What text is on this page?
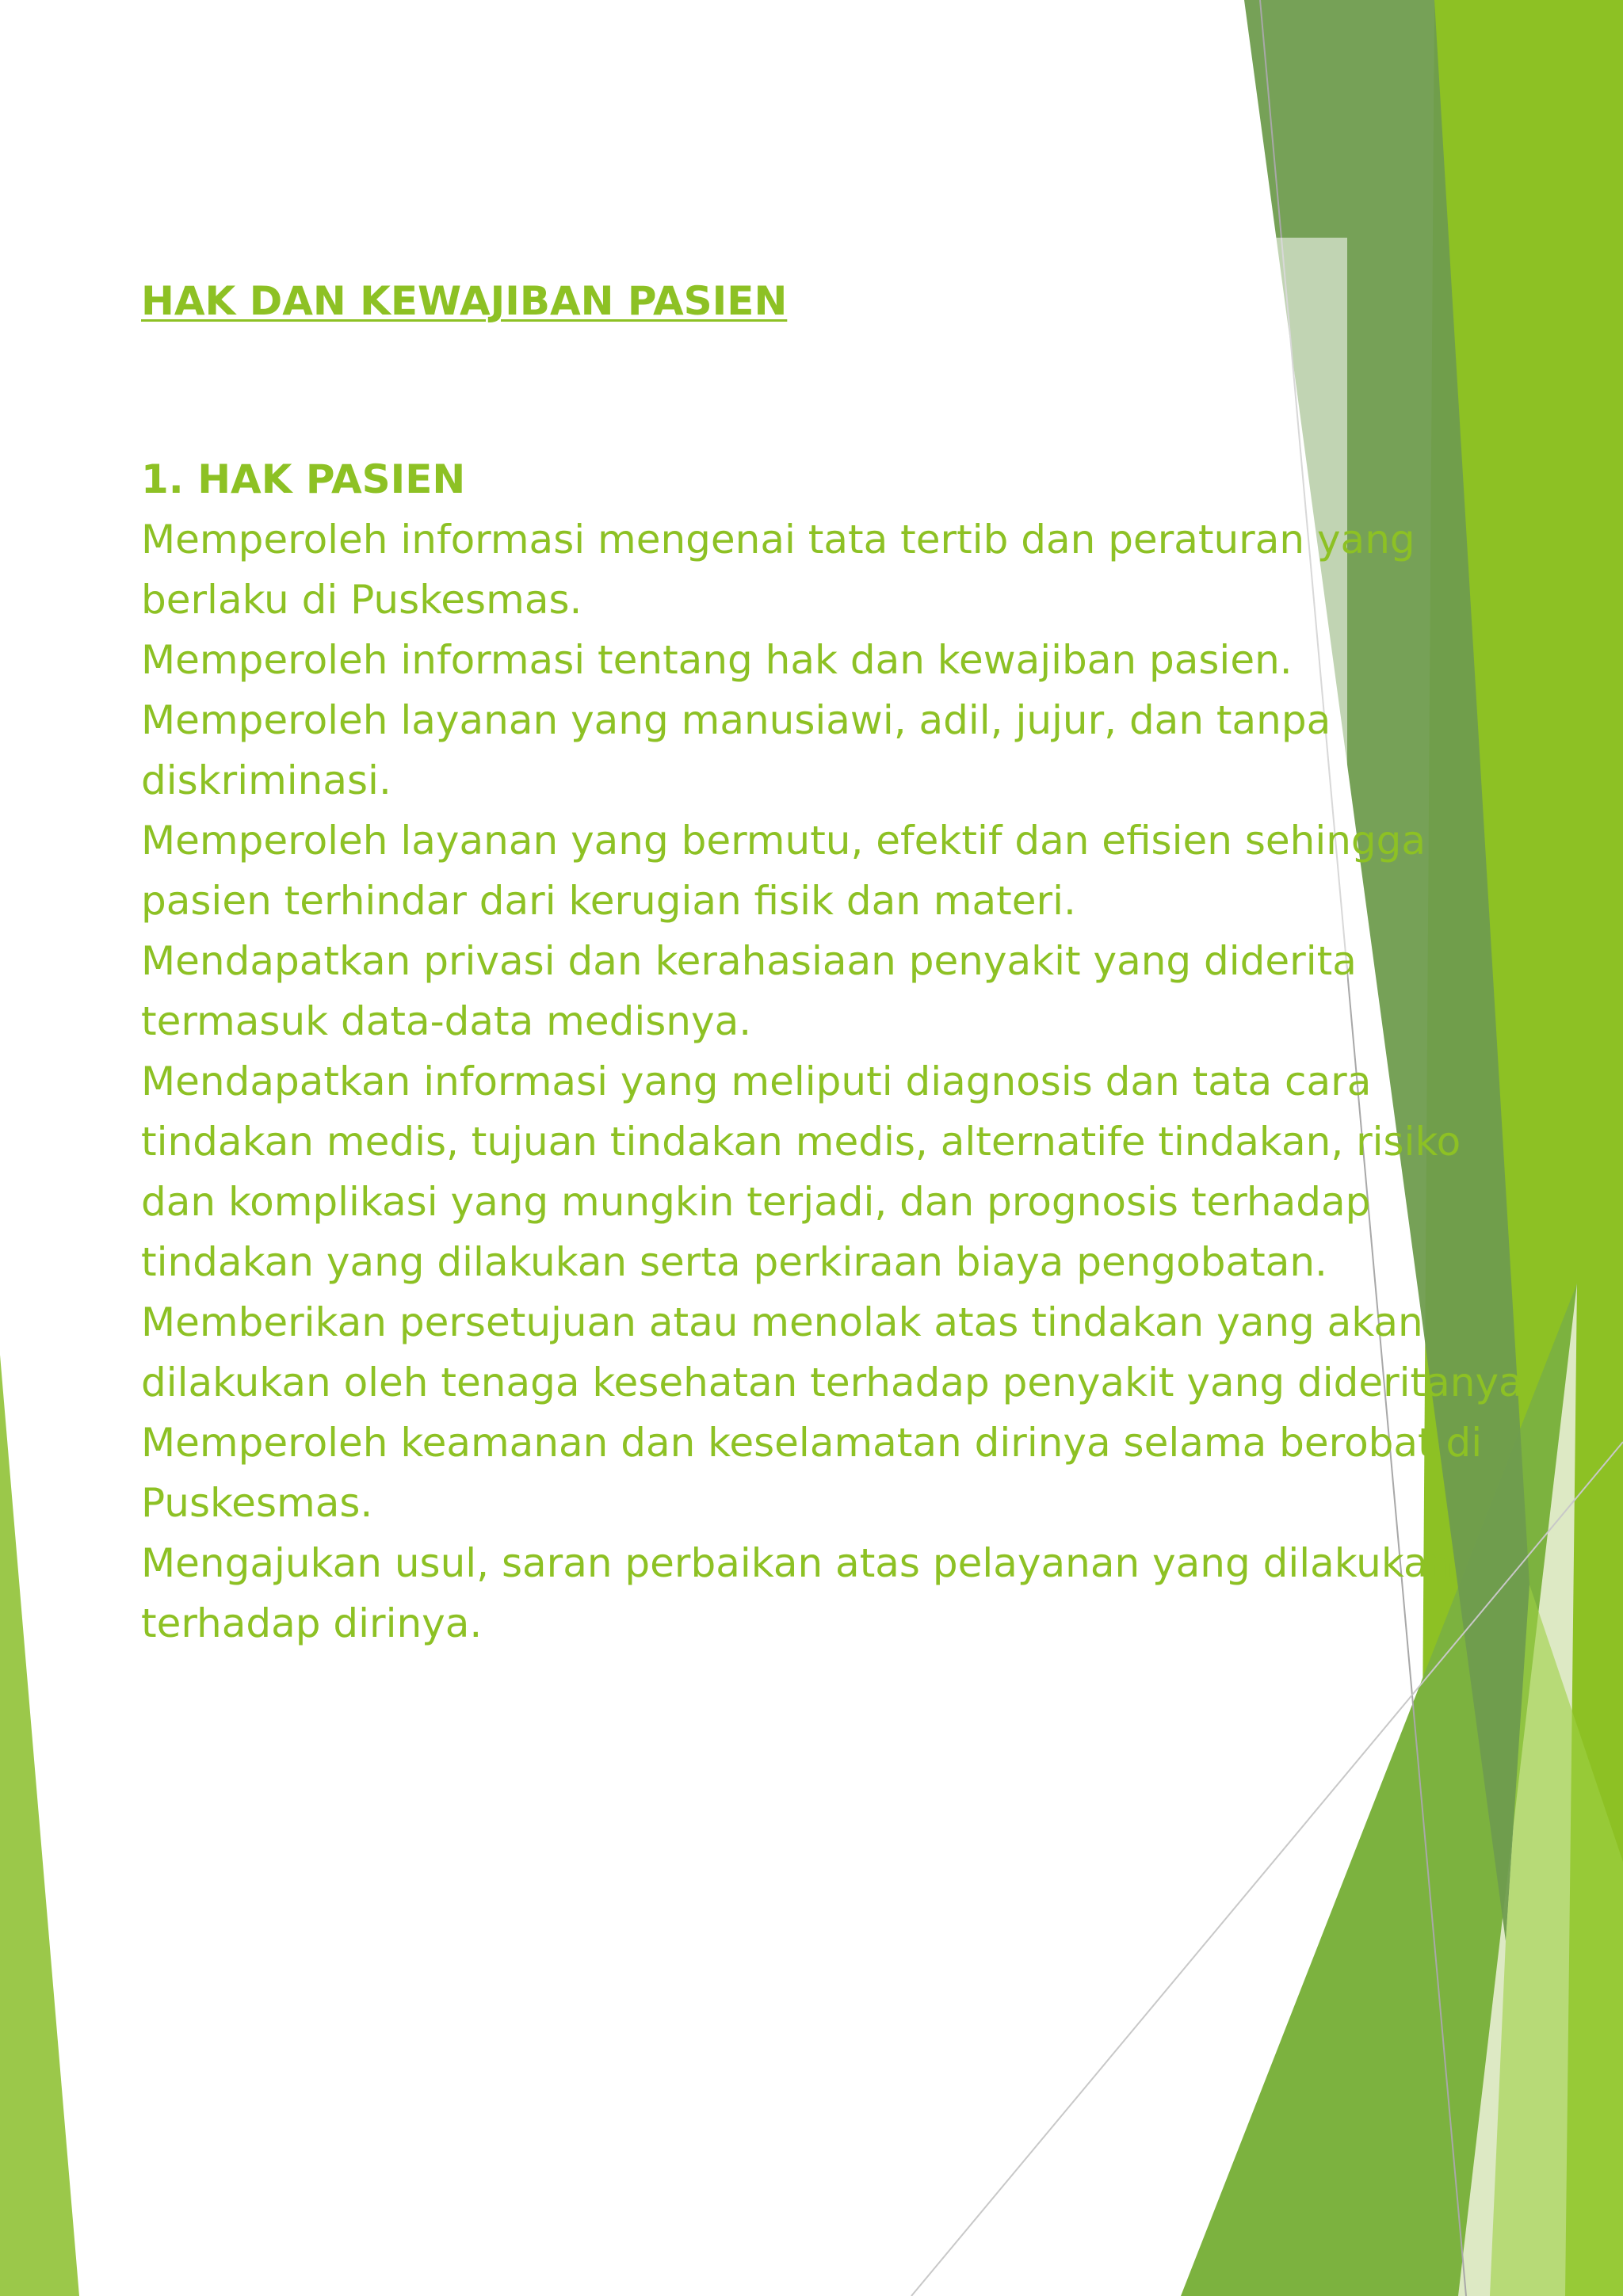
HAK DAN KEWAJIBAN PASIEN
1. HAK PASIEN
Memperoleh informasi mengenai tata tertib dan peraturan yang berlaku di Puskesmas.
Memperoleh informasi tentang hak dan kewajiban pasien.
Memperoleh layanan yang manusiawi, adil, jujur, dan tanpa diskriminasi.
Memperoleh layanan yang bermutu, efektif dan efisien sehingga pasien terhindar dari kerugian fisik dan materi.
Mendapatkan privasi dan kerahasiaan penyakit yang diderita termasuk data-data medisnya.
Mendapatkan informasi yang meliputi diagnosis dan tata cara tindakan medis, tujuan tindakan medis, alternatife tindakan, risiko dan komplikasi yang mungkin terjadi, dan prognosis terhadap tindakan yang dilakukan serta perkiraan biaya pengobatan.
Memberikan persetujuan atau menolak atas tindakan yang akan dilakukan oleh tenaga kesehatan terhadap penyakit yang dideritanya.
Memperoleh keamanan dan keselamatan dirinya selama berobat di Puskesmas.
Mengajukan usul, saran perbaikan atas pelayanan yang dilakukan terhadap dirinya.
